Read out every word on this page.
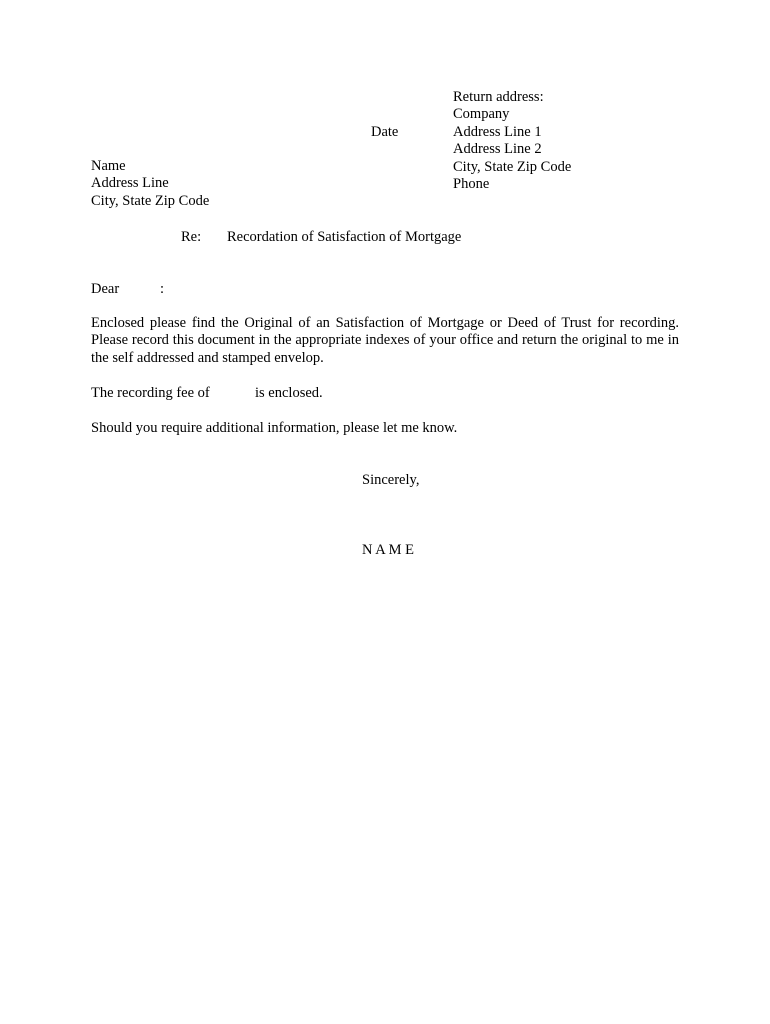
Return address:
Company
Address Line 1
Address Line 2
City, State Zip Code
Phone
Date
Name
Address Line
City, State Zip Code
Re: Recordation of Satisfaction of Mortgage
Dear	:
Enclosed please find the Original of an Satisfaction of Mortgage or Deed of Trust for recording. Please record this document in the appropriate indexes of your office and return the original to me in the self addressed and stamped envelop.
The recording fee of	is enclosed.
Should you require additional information, please let me know.
Sincerely,
N A M E
